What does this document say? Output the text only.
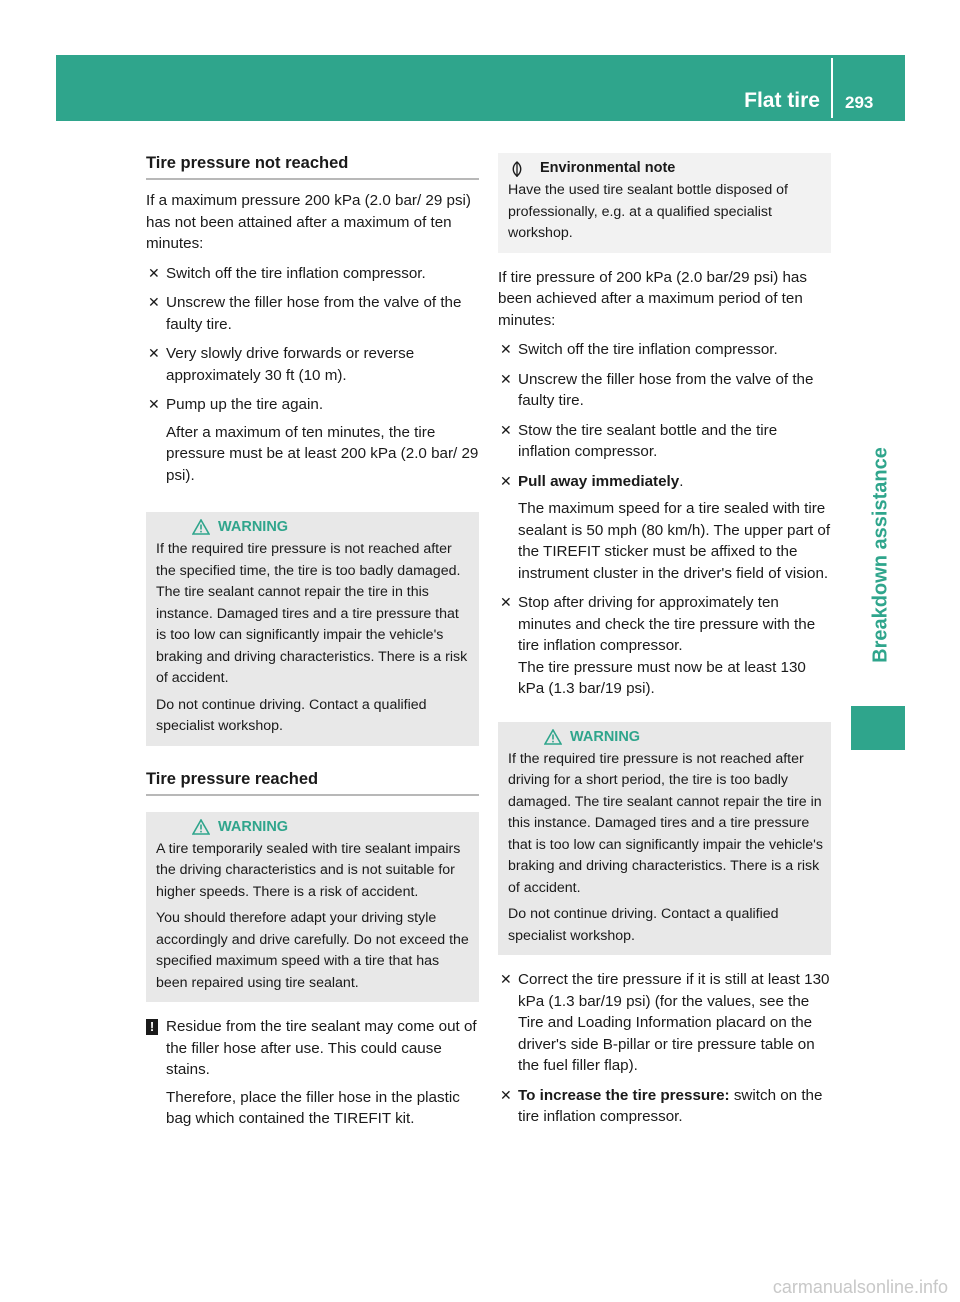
Flat tire 293
Breakdown assistance
Tire pressure not reached

If a maximum pressure 200 kPa (2.0 bar/ 29 psi) has not been attained after a maximum of ten minutes:

✕ Switch off the tire inflation compressor.
✕ Unscrew the filler hose from the valve of the faulty tire.
✕ Very slowly drive forwards or reverse approximately 30 ft (10 m).
✕ Pump up the tire again.
After a maximum of ten minutes, the tire pressure must be at least 200 kPa (2.0 bar/ 29 psi).
WARNING

If the required tire pressure is not reached after the specified time, the tire is too badly damaged. The tire sealant cannot repair the tire in this instance. Damaged tires and a tire pressure that is too low can significantly impair the vehicle's braking and driving characteristics. There is a risk of accident.

Do not continue driving. Contact a qualified specialist workshop.

Tire pressure reached
WARNING

A tire temporarily sealed with tire sealant impairs the driving characteristics and is not suitable for higher speeds. There is a risk of accident.

You should therefore adapt your driving style accordingly and drive carefully. Do not exceed the specified maximum speed with a tire that has been repaired using tire sealant.

! Residue from the tire sealant may come out of the filler hose after use. This could cause stains.
Therefore, place the filler hose in the plastic bag which contained the TIREFIT kit.
Environmental note

Have the used tire sealant bottle disposed of professionally, e.g. at a qualified specialist workshop.

If tire pressure of 200 kPa (2.0 bar/29 psi) has been achieved after a maximum period of ten minutes:

✕ Switch off the tire inflation compressor.
✕ Unscrew the filler hose from the valve of the faulty tire.
✕ Stow the tire sealant bottle and the tire inflation compressor.
✕ Pull away immediately.
The maximum speed for a tire sealed with tire sealant is 50 mph (80 km/h). The upper part of the TIREFIT sticker must be affixed to the instrument cluster in the driver's field of vision.
✕ Stop after driving for approximately ten minutes and check the tire pressure with the tire inflation compressor.
The tire pressure must now be at least 130 kPa (1.3 bar/19 psi).
WARNING

If the required tire pressure is not reached after driving for a short period, the tire is too badly damaged. The tire sealant cannot repair the tire in this instance. Damaged tires and a tire pressure that is too low can significantly impair the vehicle's braking and driving characteristics. There is a risk of accident.

Do not continue driving. Contact a qualified specialist workshop.

✕ Correct the tire pressure if it is still at least 130 kPa (1.3 bar/19 psi) (for the values, see the Tire and Loading Information placard on the driver's side B-pillar or tire pressure table on the fuel filler flap).
✕ To increase the tire pressure: switch on the tire inflation compressor.
carmanualsonline.info
